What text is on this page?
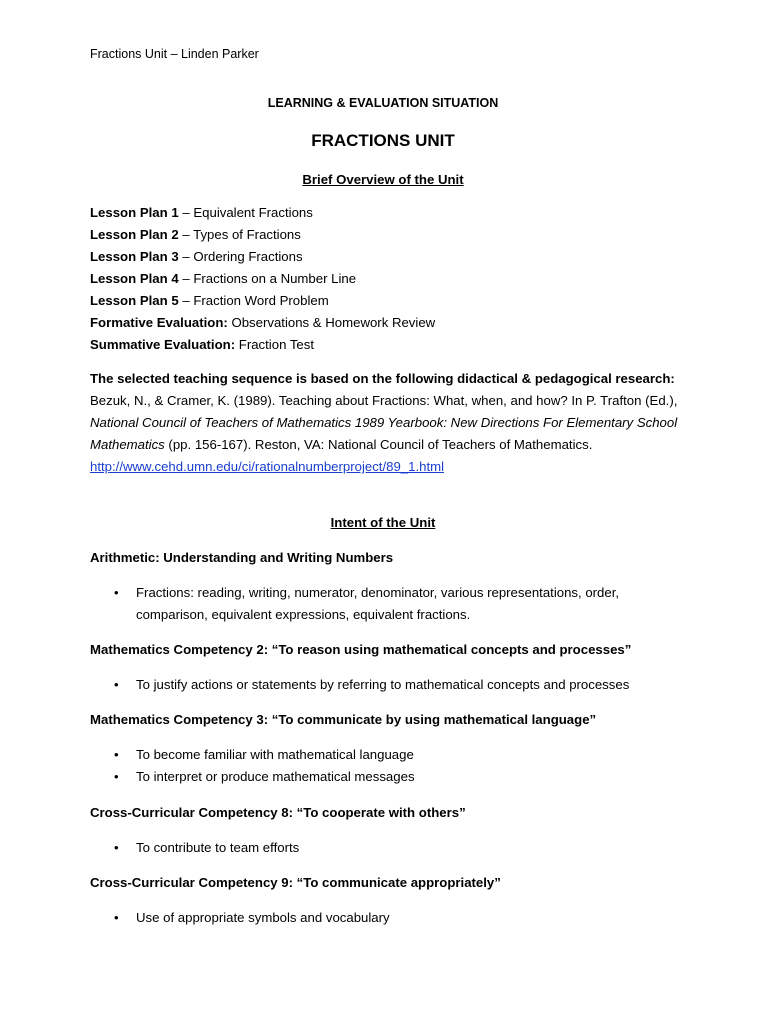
Fractions Unit – Linden Parker
LEARNING & EVALUATION SITUATION
FRACTIONS UNIT
Brief Overview of the Unit
Lesson Plan 1 – Equivalent Fractions
Lesson Plan 2 – Types of Fractions
Lesson Plan 3 – Ordering Fractions
Lesson Plan 4 – Fractions on a Number Line
Lesson Plan 5 – Fraction Word Problem
Formative Evaluation: Observations & Homework Review
Summative Evaluation: Fraction Test

The selected teaching sequence is based on the following didactical & pedagogical research:

Bezuk, N., & Cramer, K. (1989). Teaching about Fractions: What, when, and how? In P. Trafton (Ed.), National Council of Teachers of Mathematics 1989 Yearbook: New Directions For Elementary School Mathematics (pp. 156-167). Reston, VA: National Council of Teachers of Mathematics. http://www.cehd.umn.edu/ci/rationalnumberproject/89_1.html

Intent of the Unit
Arithmetic: Understanding and Writing Numbers
• Fractions: reading, writing, numerator, denominator, various representations, order, comparison, equivalent expressions, equivalent fractions.
Mathematics Competency 2: “To reason using mathematical concepts and processes”
• To justify actions or statements by referring to mathematical concepts and processes
Mathematics Competency 3: “To communicate by using mathematical language”
• To become familiar with mathematical language
• To interpret or produce mathematical messages
Cross-Curricular Competency 8: “To cooperate with others”
• To contribute to team efforts
Cross-Curricular Competency 9: “To communicate appropriately”
• Use of appropriate symbols and vocabulary
